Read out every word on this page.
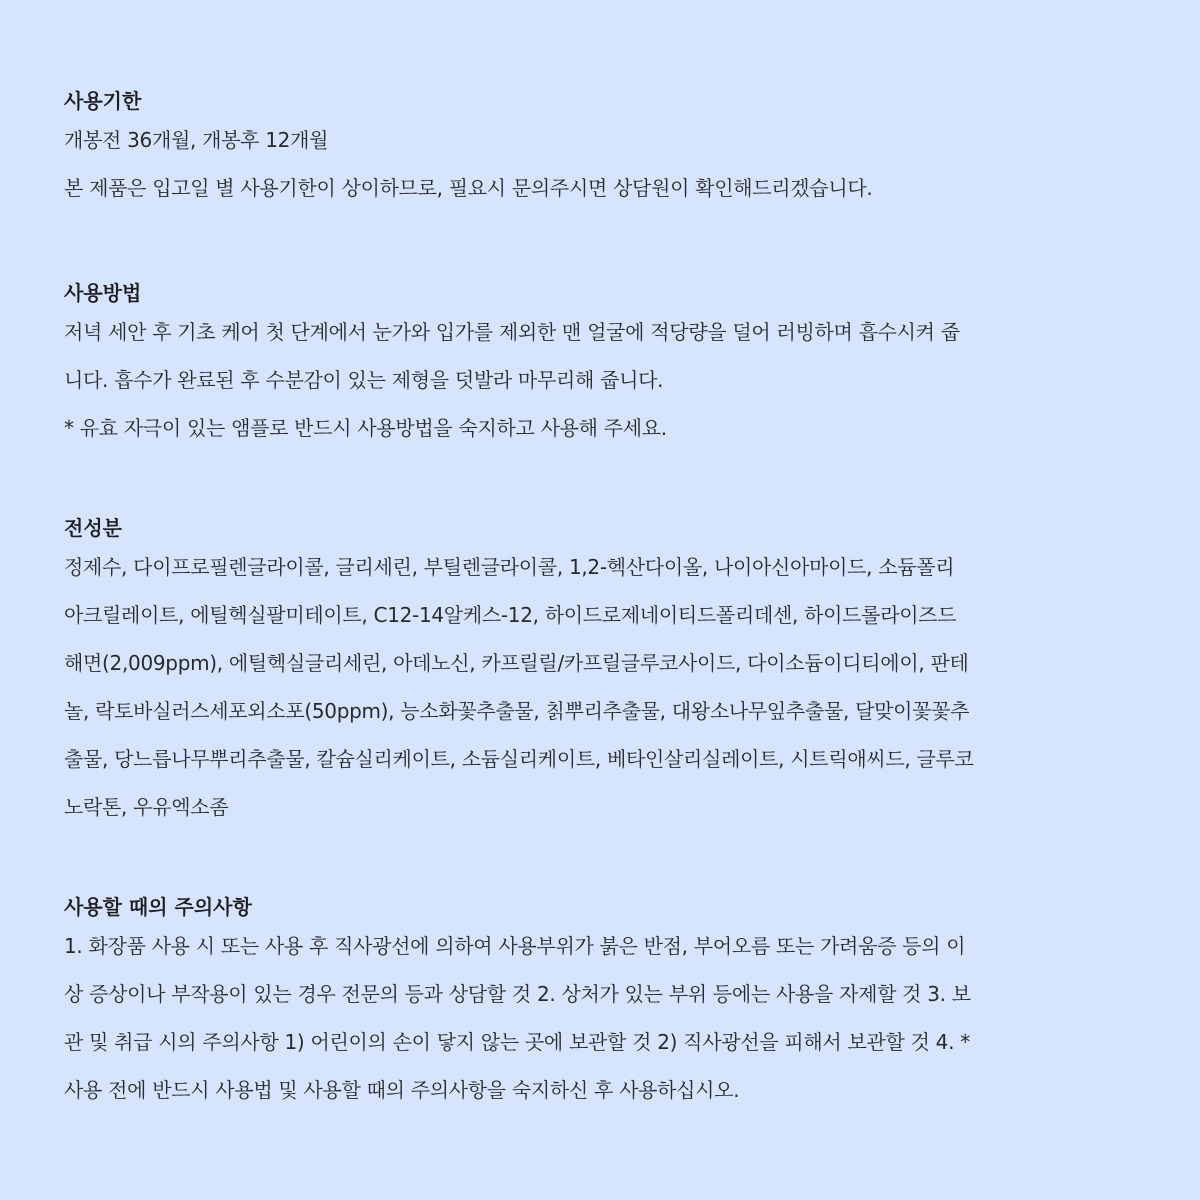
사용기한

개봉전 36개월, 개봉후 12개월

본 제품은 입고일 별 사용기한이 상이하므로, 필요시 문의주시면 상담원이 확인해드리겠습니다.

사용방법

저녁 세안 후 기초 케어 첫 단계에서 눈가와 입가를 제외한 맨 얼굴에 적당량을 덜어 러빙하며 흡수시켜 줍

니다. 흡수가 완료된 후 수분감이 있는 제형을 덧발라 마무리해 줍니다.

* 유효 자극이 있는 앰플로 반드시 사용방법을 숙지하고 사용해 주세요.

전성분

정제수, 다이프로필렌글라이콜, 글리세린, 부틸렌글라이콜, 1,2-헥산다이올, 나이아신아마이드, 소듐폴리

아크릴레이트, 에틸헥실팔미테이트, C12-14알케스-12, 하이드로제네이티드폴리데센, 하이드롤라이즈드

해면(2,009ppm), 에틸헥실글리세린, 아데노신, 카프릴릴/카프릴글루코사이드, 다이소듐이디티에이, 판테

놀, 락토바실러스세포외소포(50ppm), 능소화꽃추출물, 칡뿌리추출물, 대왕소나무잎추출물, 달맞이꽃꽃추

출물, 당느릅나무뿌리추출물, 칼슘실리케이트, 소듐실리케이트, 베타인살리실레이트, 시트릭애씨드, 글루코

노락톤, 우유엑소좀

사용할 때의 주의사항

1. 화장품 사용 시 또는 사용 후 직사광선에 의하여 사용부위가 붉은 반점, 부어오름 또는 가려움증 등의 이

상 증상이나 부작용이 있는 경우 전문의 등과 상담할 것 2. 상처가 있는 부위 등에는 사용을 자제할 것 3. 보

관 및 취급 시의 주의사항 1) 어린이의 손이 닿지 않는 곳에 보관할 것 2) 직사광선을 피해서 보관할 것 4. *

사용 전에 반드시 사용법 및 사용할 때의 주의사항을 숙지하신 후 사용하십시오.
